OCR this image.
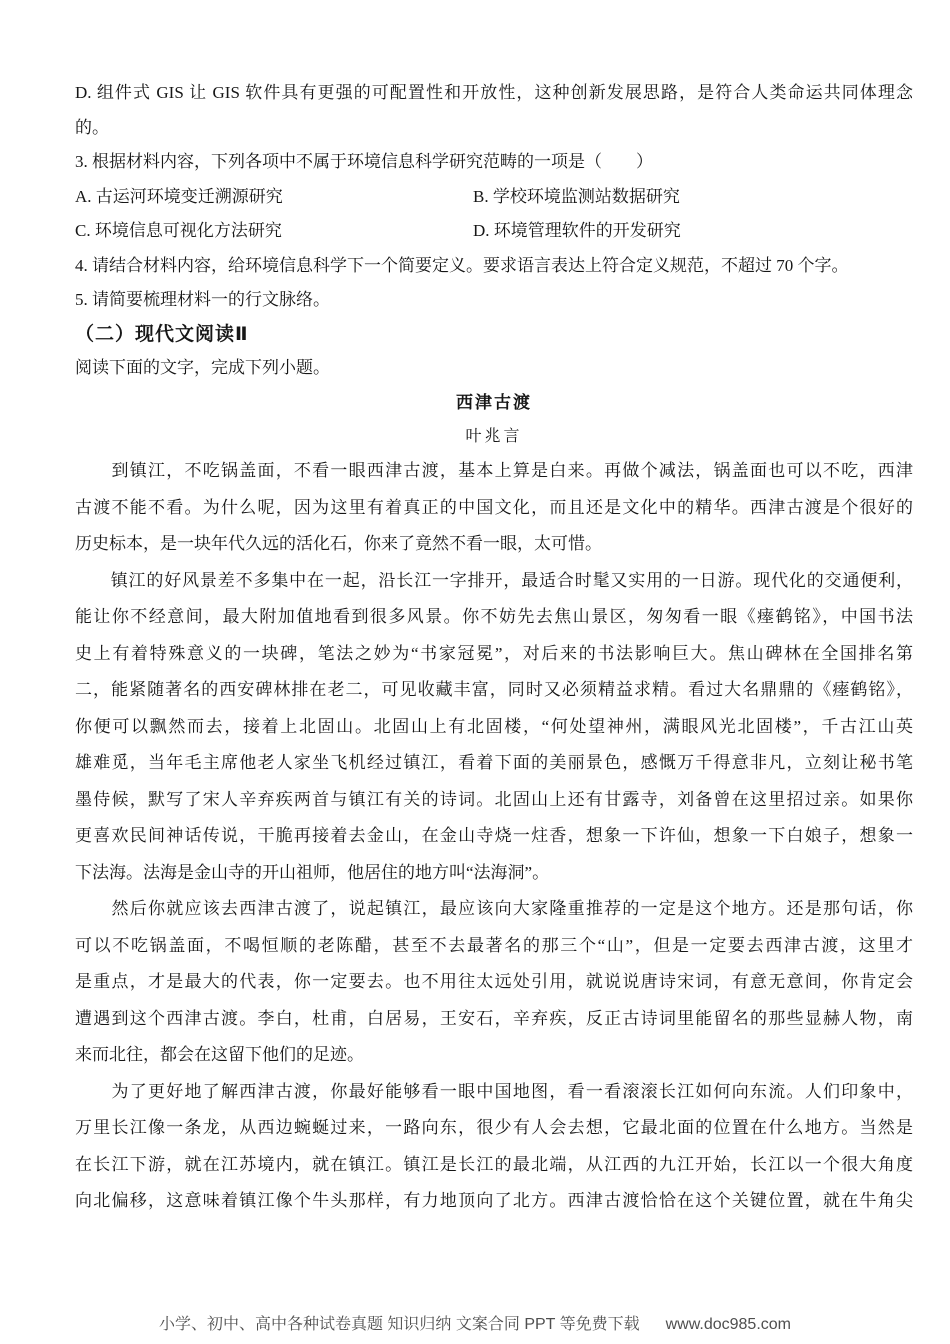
D. 组件式 GIS 让 GIS 软件具有更强的可配置性和开放性，这种创新发展思路，是符合人类命运共同体理念
的。
3. 根据材料内容，下列各项中不属于环境信息科学研究范畴的一项是（　　）
A. 古运河环境变迁溯源研究	B. 学校环境监测站数据研究
C. 环境信息可视化方法研究	D. 环境管理软件的开发研究
4. 请结合材料内容，给环境信息科学下一个简要定义。要求语言表达上符合定义规范，不超过 70 个字。
5. 请简要梳理材料一的行文脉络。
（二）现代文阅读Ⅱ
阅读下面的文字，完成下列小题。
西津古渡
叶兆言
　　到镇江，不吃锅盖面，不看一眼西津古渡，基本上算是白来。再做个减法，锅盖面也可以不吃，西津
古渡不能不看。为什么呢，因为这里有着真正的中国文化，而且还是文化中的精华。西津古渡是个很好的
历史标本，是一块年代久远的活化石，你来了竟然不看一眼，太可惜。
　　镇江的好风景差不多集中在一起，沿长江一字排开，最适合时髦又实用的一日游。现代化的交通便利，
能让你不经意间，最大附加值地看到很多风景。你不妨先去焦山景区，匆匆看一眼《瘗鹤铭》，中国书法
史上有着特殊意义的一块碑，笔法之妙为“书家冠冕”，对后来的书法影响巨大。焦山碑林在全国排名第
二，能紧随著名的西安碑林排在老二，可见收藏丰富，同时又必须精益求精。看过大名鼎鼎的《瘗鹤铭》，
你便可以飘然而去，接着上北固山。北固山上有北固楼，“何处望神州，满眼风光北固楼”，千古江山英
雄难觅，当年毛主席他老人家坐飞机经过镇江，看着下面的美丽景色，感慨万千得意非凡，立刻让秘书笔
墨侍候，默写了宋人辛弃疾两首与镇江有关的诗词。北固山上还有甘露寺，刘备曾在这里招过亲。如果你
更喜欢民间神话传说，干脆再接着去金山，在金山寺烧一炷香，想象一下许仙，想象一下白娘子，想象一
下法海。法海是金山寺的开山祖师，他居住的地方叫“法海洞”。
　　然后你就应该去西津古渡了，说起镇江，最应该向大家隆重推荐的一定是这个地方。还是那句话，你
可以不吃锅盖面，不喝恒顺的老陈醋，甚至不去最著名的那三个“山”，但是一定要去西津古渡，这里才
是重点，才是最大的代表，你一定要去。也不用往太远处引用，就说说唐诗宋词，有意无意间，你肯定会
遭遇到这个西津古渡。李白，杜甫，白居易，王安石，辛弃疾，反正古诗词里能留名的那些显赫人物，南
来而北往，都会在这留下他们的足迹。
　　为了更好地了解西津古渡，你最好能够看一眼中国地图，看一看滚滚长江如何向东流。人们印象中，
万里长江像一条龙，从西边蜿蜒过来，一路向东，很少有人会去想，它最北面的位置在什么地方。当然是
在长江下游，就在江苏境内，就在镇江。镇江是长江的最北端，从江西的九江开始，长江以一个很大角度
向北偏移，这意味着镇江像个牛头那样，有力地顶向了北方。西津古渡恰恰在这个关键位置，就在牛角尖
小学、初中、高中各种试卷真题 知识归纳 文案合同 PPT 等免费下载 www.doc985.com
